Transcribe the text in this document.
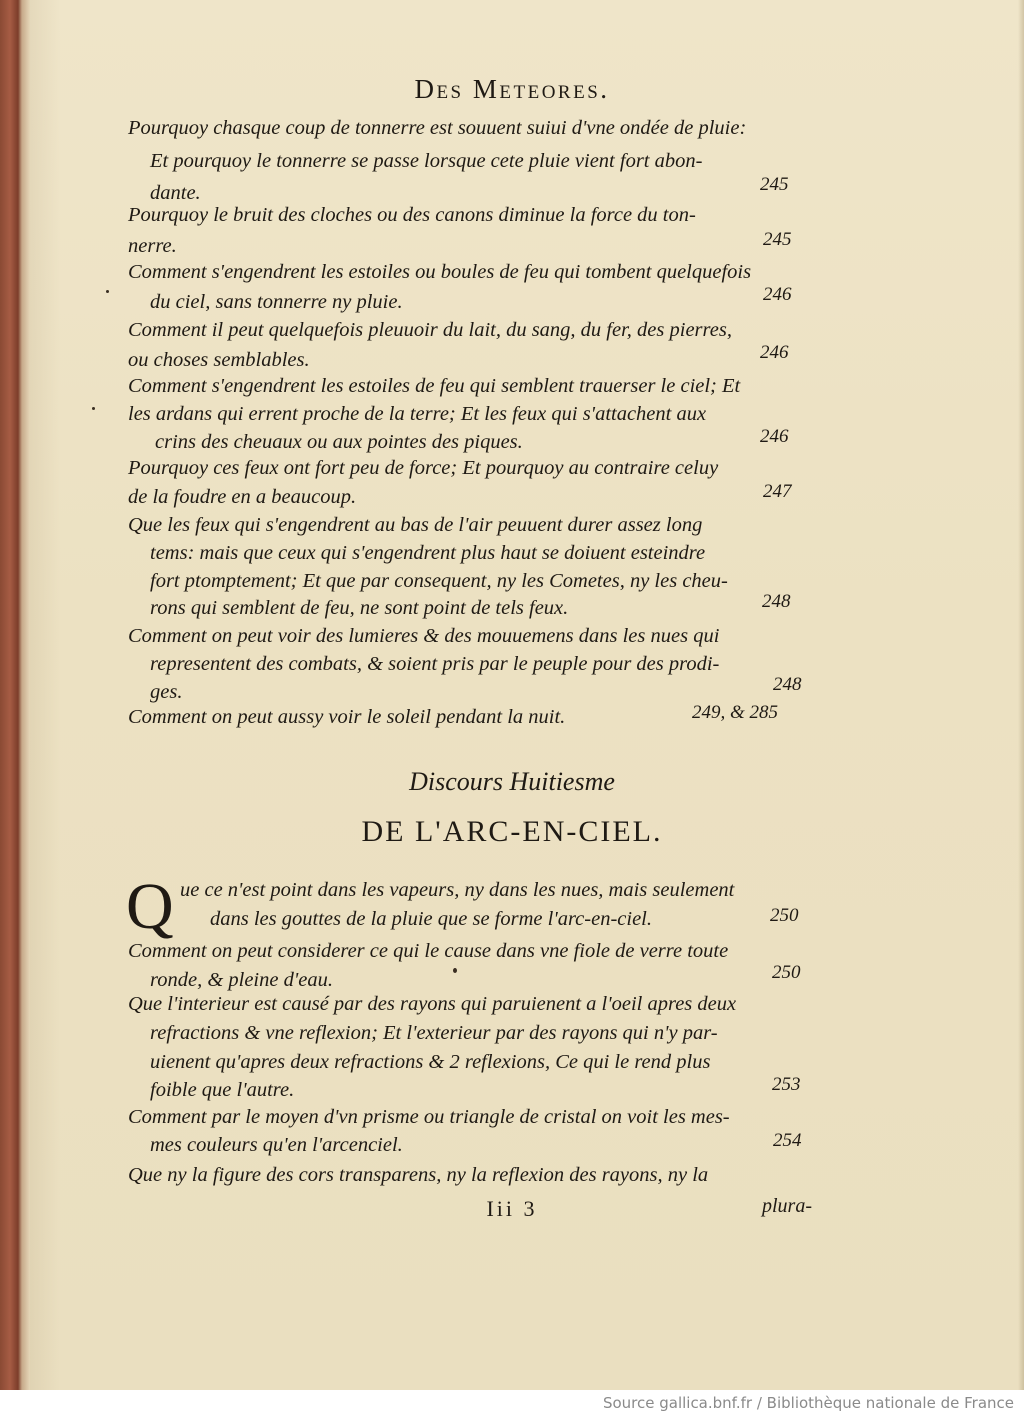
Des Meteores.
Pourquoy chasque coup de tonnerre est souuent suiui d'vne ondée de pluie:
Et pourquoy le tonnerre se passe lorsque cete pluie vient fort abon-
dante.	245
Pourquoy le bruit des cloches ou des canons diminue la force du ton-
nerre.	245
Comment s'engendrent les estoiles ou boules de feu qui tombent quelquefois
du ciel, sans tonnerre ny pluie.	246
Comment il peut quelquefois pleuuoir du lait, du sang, du fer, des pierres,
ou choses semblables.	246
Comment s'engendrent les estoiles de feu qui semblent trauerser le ciel; Et
les ardans qui errent proche de la terre; Et les feux qui s'attachent aux
crins des cheuaux ou aux pointes des piques.	246
Pourquoy ces feux ont fort peu de force; Et pourquoy au contraire celuy
de la foudre en a beaucoup.	247
Que les feux qui s'engendrent au bas de l'air peuuent durer assez long
tems: mais que ceux qui s'engendrent plus haut se doiuent esteindre
fort ptomptement; Et que par consequent, ny les Cometes, ny les cheu-
rons qui semblent de feu, ne sont point de tels feux.	248
Comment on peut voir des lumieres & des mouuemens dans les nues qui
representent des combats, & soient pris par le peuple pour des prodi-
ges.	248
Comment on peut aussy voir le soleil pendant la nuit.	249, & 285
Discours Huitiesme
DE L'ARC-EN-CIEL.
Q ue ce n'est point dans les vapeurs, ny dans les nues, mais seulement
dans les gouttes de la pluie que se forme l'arc-en-ciel.	250
Comment on peut considerer ce qui le cause dans vne fiole de verre toute
ronde, & pleine d'eau.	250
Que l'interieur est causé par des rayons qui paruienent a l'oeil apres deux
refractions & vne reflexion; Et l'exterieur par des rayons qui n'y par-
uienent qu'apres deux refractions & 2 reflexions, Ce qui le rend plus
foible que l'autre.	253
Comment par le moyen d'vn prisme ou triangle de cristal on voit les mes-
mes couleurs qu'en l'arcenciel.	254
Que ny la figure des cors transparens, ny la reflexion des rayons, ny la
Iii 3	plura-
Source gallica.bnf.fr / Bibliothèque nationale de France
